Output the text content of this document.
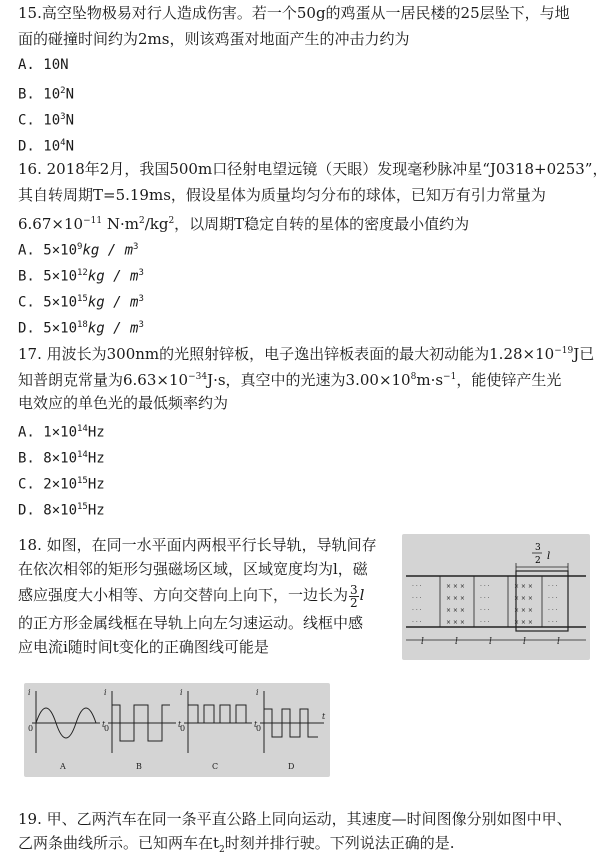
15.高空坠物极易对行人造成伤害。若一个50g的鸡蛋从一居民楼的25层坠下，与地
面的碰撞时间约为2ms，则该鸡蛋对地面产生的冲击力约为
A. 10N
B. $10^2N$
C. $10^3N$
D. $10^4N$
16. 2018年2月，我国500m口径射电望远镜（天眼）发现毫秒脉冲星“J0318+0253”，
其自转周期T=5.19ms，假设星体为质量均匀分布的球体，已知万有引力常量为
$6.67\times 10^{-11}$ $N\cdot m^2/kg^2$，以周期T稳定自转的星体的密度最小值约为
A. $5\times 10^9kg / m^3$
B. $5\times 10^{12}kg / m^3$
C. $5\times 10^{15}kg / m^3$
D. $5\times 10^{18}kg / m^3$
17. 用波长为300nm的光照射锌板，电子逸出锌板表面的最大初动能为$1.28\times 10^{-19}J$已
知普朗克常量为$6.63\times 10^{-34}J\cdot s$，真空中的光速为$3.00\times 10^8m\cdot s^{-1}$，能使锌产生光
电效应的单色光的最低频率约为
A. $1\times 10^{14}Hz$
B. $8\times 10^{14}Hz$
C. $2\times 10^{15}Hz$
D. $8\times 10^{15}Hz$
18. 如图，在同一水平面内两根平行长导轨，导轨间存
在依次相邻的矩形匀强磁场区域，区域宽度均为l，磁
感应强度大小相等、方向交替向上向下，一边长为 $\frac{3}{2}$ l
的正方形金属线框在导轨上向左匀速运动。线框中感
应电流i随时间t变化的正确图线可能是
3
2 l
· · ·
· · ·
· · ·
· · ·
× × ×
× × ×
× × ×
× × ×
· · ·
· · ·
· · ·
· · ·
× × ×
× × ×
× × ×
× × ×
· · ·
· · ·
· · ·
· · ·
l	l	l	l	l
i
t
0
i
t
0
i
t
0
i
t
0
A	B	C	D
19. 甲、乙两汽车在同一条平直公路上同向运动，其速度—时间图像分别如图中甲、
乙两条曲线所示。已知两车在$t_2$时刻并排行驶。下列说法正确的是.
